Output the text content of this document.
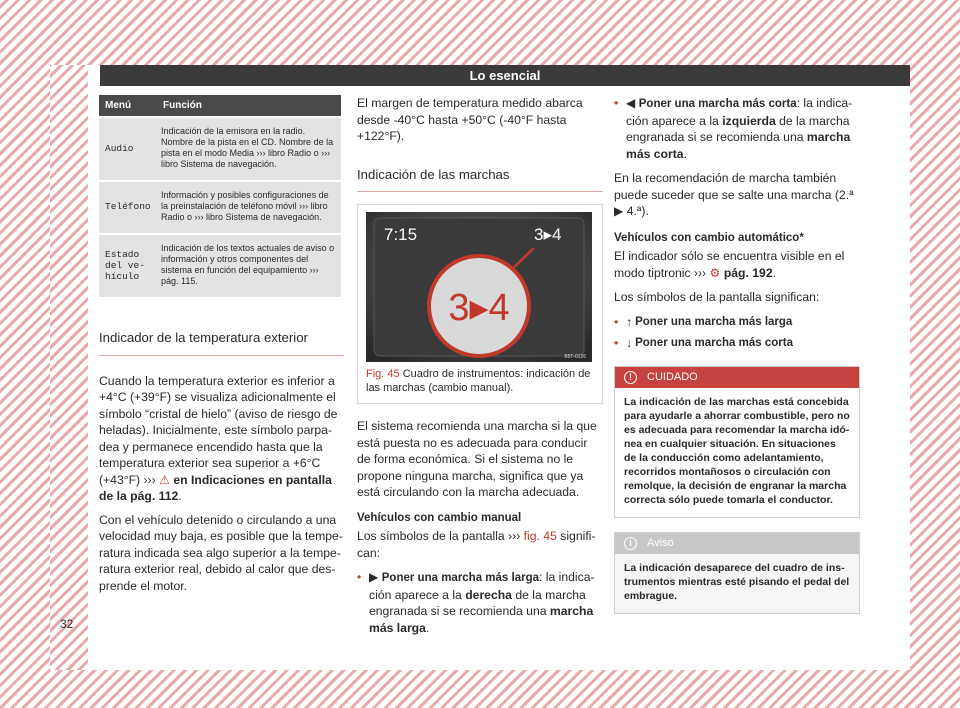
Lo esencial
Menú	Función
Audio	Indicación de la emisora en la radio. Nombre de la pista en el CD. Nombre de la pista en el modo Media ››› libro Radio o ››› libro Sistema de navegación.
Teléfono	Información y posibles configuraciones de la preinstalación de teléfono móvil ››› libro Radio o ››› libro Sistema de navegación.
Estado
del ve-
hículo	Indicación de los textos actuales de aviso o información y otros componentes del sistema en función del equipamiento ››› pág. 115.
Indicador de la temperatura exterior

Cuando la temperatura exterior es inferior a +4°C (+39°F) se visualiza adicionalmente el símbolo “cristal de hielo” (aviso de riesgo de heladas). Inicialmente, este símbolo parpadea y permanece encendido hasta que la temperatura exterior sea superior a +6°C (+43°F) ››› ⚠ en Indicaciones en pantalla de la pág. 112.

Con el vehículo detenido o circulando a una velocidad muy baja, es posible que la temperatura indicada sea algo superior a la temperatura exterior real, debido al calor que desprende el motor.

El margen de temperatura medido abarca desde -40°C hasta +50°C (-40°F hasta +122°F).

Indicación de las marchas
7:15	3▸4
3▸4
B5T-0126
Fig. 45 Cuadro de instrumentos: indicación de las marchas (cambio manual).

El sistema recomienda una marcha si la que está puesta no es adecuada para conducir de forma económica. Si el sistema no le propone ninguna marcha, significa que ya está circulando con la marcha adecuada.

Vehículos con cambio manual

Los símbolos de la pantalla ››› fig. 45 significan:

• ▶ Poner una marcha más larga: la indicación aparece a la derecha de la marcha engranada si se recomienda una marcha más larga.
• ◀ Poner una marcha más corta: la indicación aparece a la izquierda de la marcha engranada si se recomienda una marcha más corta.

En la recomendación de marcha también puede suceder que se salte una marcha (2.ª ▶ 4.ª).

Vehículos con cambio automático*

El indicador sólo se encuentra visible en el modo tiptronic ››› ⚙ pág. 192.

Los símbolos de la pantalla significan:

• ↑ Poner una marcha más larga
• ↓ Poner una marcha más corta
!	CUIDADO
La indicación de las marchas está concebida para ayudarle a ahorrar combustible, pero no es adecuada para recomendar la marcha idónea en cualquier situación. En situaciones de la conducción como adelantamiento, recorridos montañosos o circulación con remolque, la decisión de engranar la marcha correcta sólo puede tomarla el conductor.
i	Aviso
La indicación desaparece del cuadro de instrumentos mientras esté pisando el pedal del embrague.
32
